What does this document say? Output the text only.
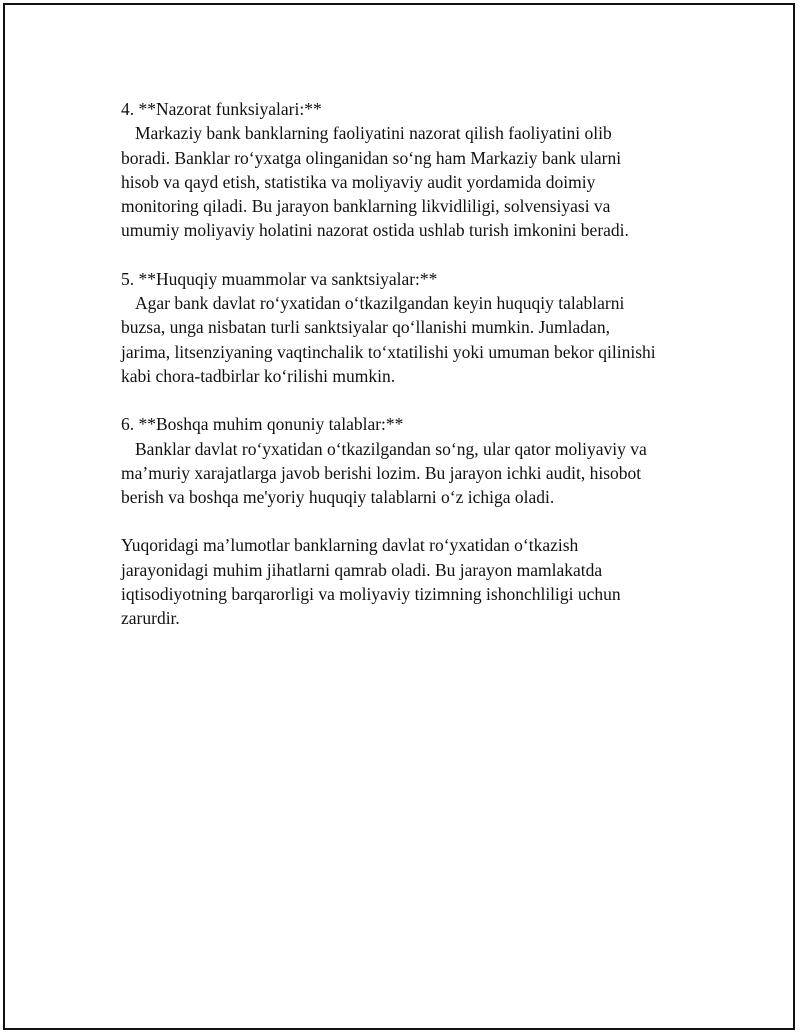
4. **Nazorat funksiyalari:**

Markaziy bank banklarning faoliyatini nazorat qilish faoliyatini olib
boradi. Banklar ro‘yxatga olinganidan so‘ng ham Markaziy bank ularni
hisob va qayd etish, statistika va moliyaviy audit yordamida doimiy
monitoring qiladi. Bu jarayon banklarning likvidliligi, solvensiyasi va
umumiy moliyaviy holatini nazorat ostida ushlab turish imkonini beradi.

5. **Huquqiy muammolar va sanktsiyalar:**

Agar bank davlat ro‘yxatidan o‘tkazilgandan keyin huquqiy talablarni
buzsa, unga nisbatan turli sanktsiyalar qo‘llanishi mumkin. Jumladan,
jarima, litsenziyaning vaqtinchalik to‘xtatilishi yoki umuman bekor qilinishi
kabi chora-tadbirlar ko‘rilishi mumkin.

6. **Boshqa muhim qonuniy talablar:**

Banklar davlat ro‘yxatidan o‘tkazilgandan so‘ng, ular qator moliyaviy va
ma’muriy xarajatlarga javob berishi lozim. Bu jarayon ichki audit, hisobot
berish va boshqa me'yoriy huquqiy talablarni o‘z ichiga oladi.

Yuqoridagi ma’lumotlar banklarning davlat ro‘yxatidan o‘tkazish
jarayonidagi muhim jihatlarni qamrab oladi. Bu jarayon mamlakatda
iqtisodiyotning barqarorligi va moliyaviy tizimning ishonchliligi uchun
zarurdir.
